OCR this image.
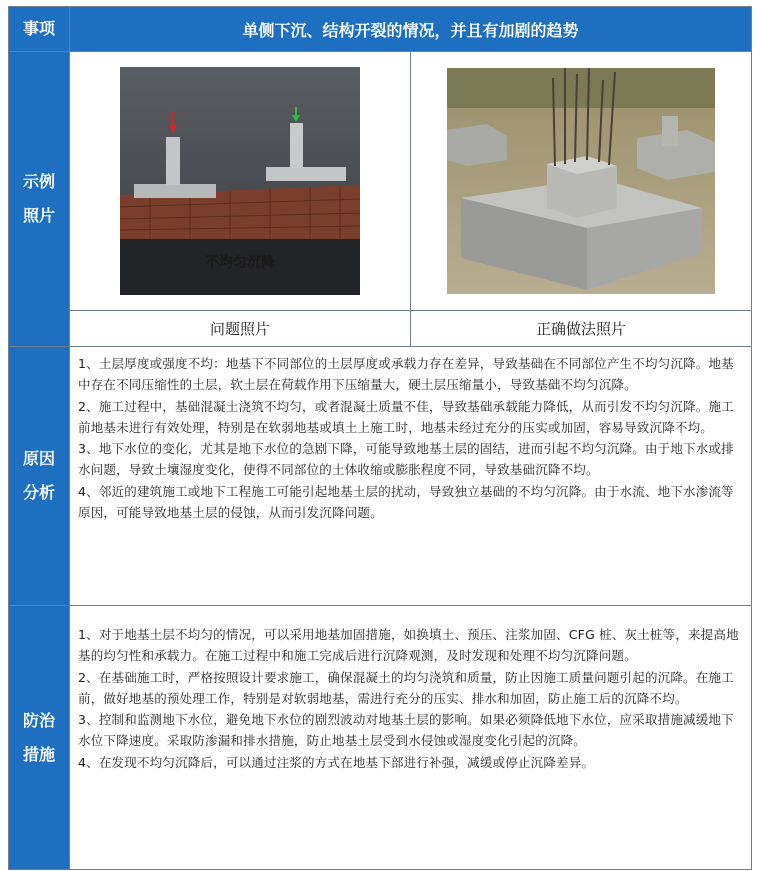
事项	单侧下沉、结构开裂的情况，并且有加剧的趋势
示例
照片
不均匀沉降
问题照片	正确做法照片
原因
分析

1、土层厚度或强度不均：地基下不同部位的土层厚度或承载力存在差异，导致基础在不同部位产生不均匀沉降。地基中存在不同压缩性的土层，软土层在荷载作用下压缩量大，硬土层压缩量小，导致基础不均匀沉降。

2、施工过程中，基础混凝土浇筑不均匀，或者混凝土质量不佳，导致基础承载能力降低，从而引发不均匀沉降。施工前地基未进行有效处理，特别是在软弱地基或填土上施工时，地基未经过充分的压实或加固，容易导致沉降不均。

3、地下水位的变化，尤其是地下水位的急剧下降，可能导致地基土层的固结，进而引起不均匀沉降。由于地下水或排水问题，导致土壤湿度变化，使得不同部位的土体收缩或膨胀程度不同，导致基础沉降不均。

4、邻近的建筑施工或地下工程施工可能引起地基土层的扰动，导致独立基础的不均匀沉降。由于水流、地下水渗流等原因，可能导致地基土层的侵蚀，从而引发沉降问题。

防治
措施

1、对于地基土层不均匀的情况，可以采用地基加固措施，如换填土、预压、注浆加固、CFG 桩、灰土桩等，来提高地基的均匀性和承载力。在施工过程中和施工完成后进行沉降观测，及时发现和处理不均匀沉降问题。

2、在基础施工时，严格按照设计要求施工，确保混凝土的均匀浇筑和质量，防止因施工质量问题引起的沉降。在施工前，做好地基的预处理工作，特别是对软弱地基，需进行充分的压实、排水和加固，防止施工后的沉降不均。

3、控制和监测地下水位，避免地下水位的剧烈波动对地基土层的影响。如果必须降低地下水位，应采取措施减缓地下水位下降速度。采取防渗漏和排水措施，防止地基土层受到水侵蚀或湿度变化引起的沉降。

4、在发现不均匀沉降后，可以通过注浆的方式在地基下部进行补强，减缓或停止沉降差异。
